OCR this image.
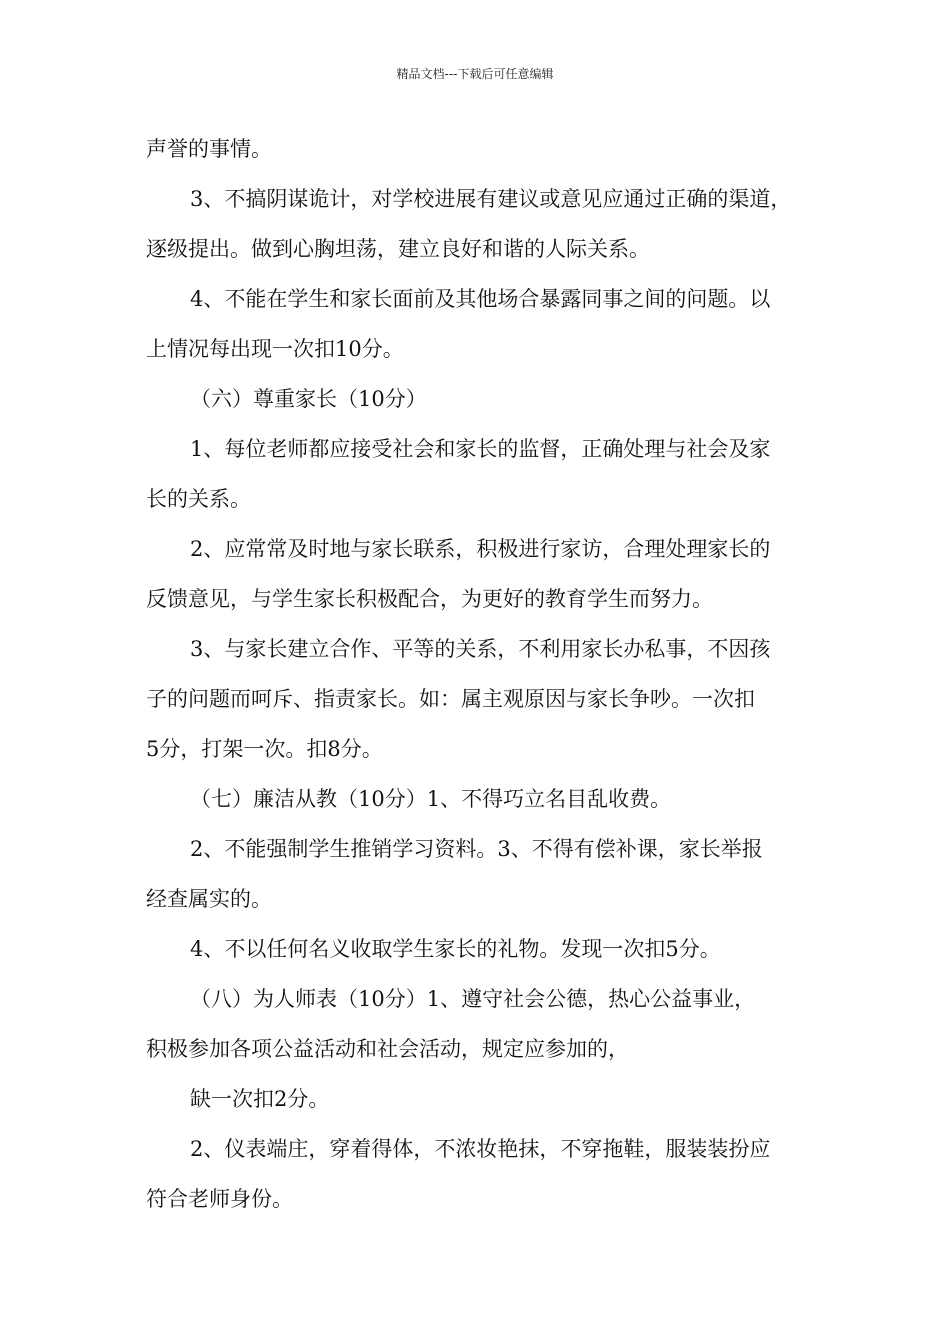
精品文档---下载后可任意编辑
声誉的事情。
3、不搞阴谋诡计，对学校进展有建议或意见应通过正确的渠道，
逐级提出。做到心胸坦荡，建立良好和谐的人际关系。
4、不能在学生和家长面前及其他场合暴露同事之间的问题。以
上情况每出现一次扣10分。
（六）尊重家长（10分）
1、每位老师都应接受社会和家长的监督，正确处理与社会及家
长的关系。
2、应常常及时地与家长联系，积极进行家访，合理处理家长的
反馈意见，与学生家长积极配合，为更好的教育学生而努力。
3、与家长建立合作、平等的关系，不利用家长办私事，不因孩
子的问题而呵斥、指责家长。如：属主观原因与家长争吵。一次扣
5分，打架一次。扣8分。
（七）廉洁从教（10分）1、不得巧立名目乱收费。
2、不能强制学生推销学习资料。3、不得有偿补课，家长举报
经查属实的。
4、不以任何名义收取学生家长的礼物。发现一次扣5分。
（八）为人师表（10分）1、遵守社会公德，热心公益事业，
积极参加各项公益活动和社会活动，规定应参加的，
缺一次扣2分。
2、仪表端庄，穿着得体，不浓妆艳抹，不穿拖鞋，服装装扮应
符合老师身份。
